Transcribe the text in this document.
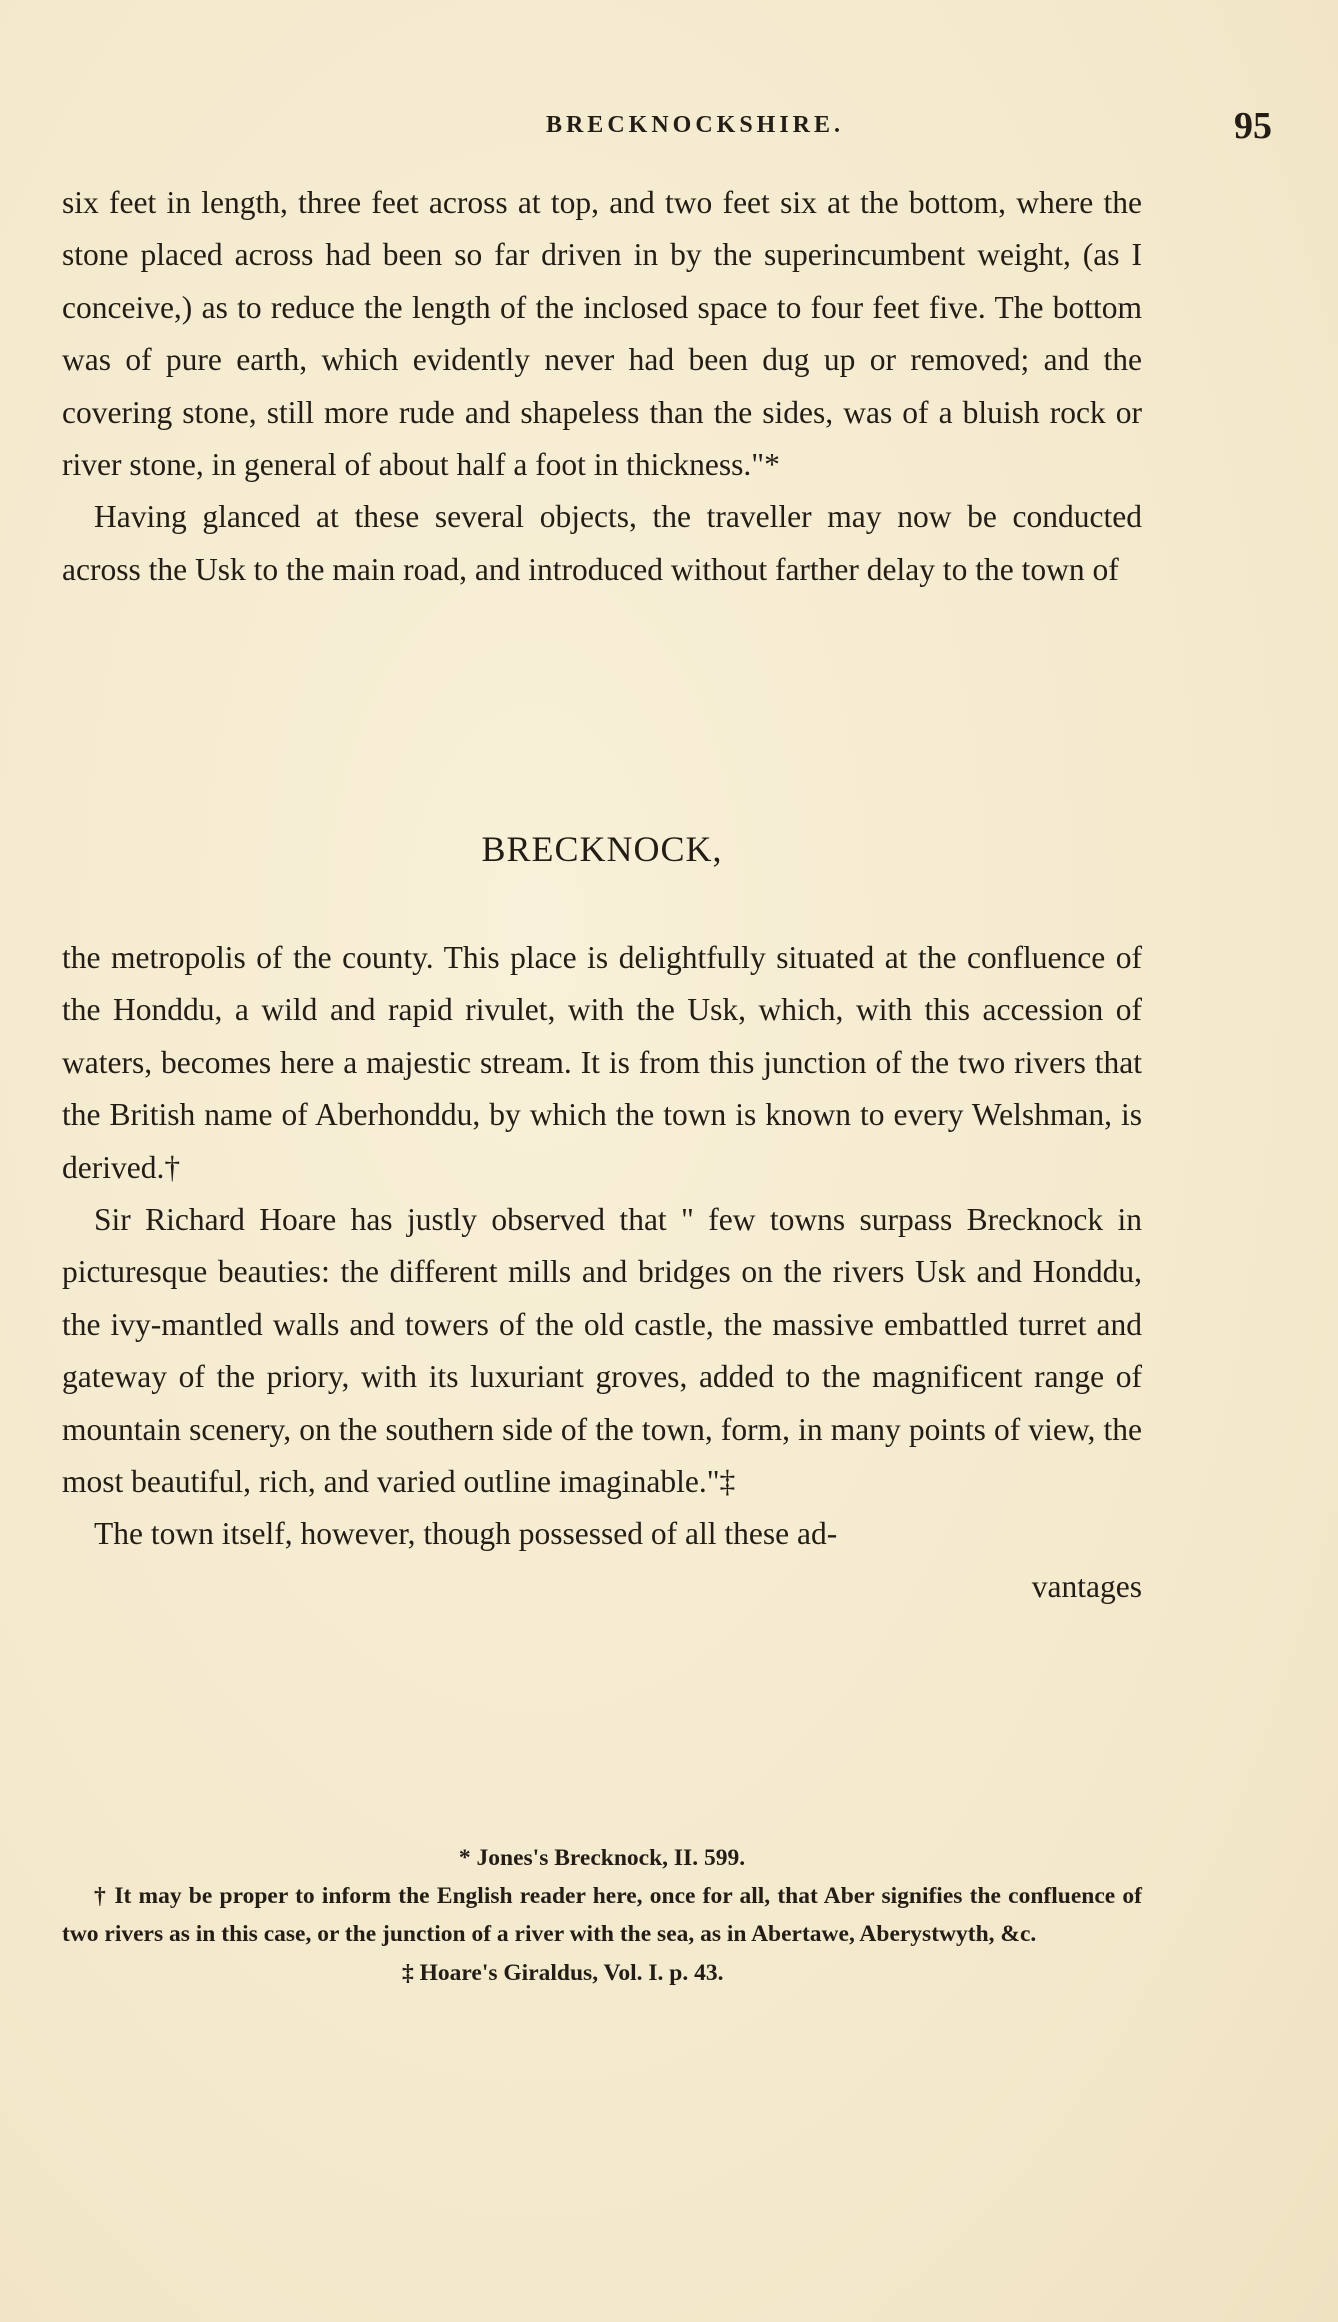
BRECKNOCKSHIRE.	95

six feet in length, three feet across at top, and two feet six at the bottom, where the stone placed across had been so far driven in by the superincumbent weight, (as I conceive,) as to reduce the length of the inclosed space to four feet five. The bottom was of pure earth, which evidently never had been dug up or removed; and the covering stone, still more rude and shapeless than the sides, was of a bluish rock or river stone, in general of about half a foot in thickness."*

Having glanced at these several objects, the traveller may now be conducted across the Usk to the main road, and introduced without farther delay to the town of

BRECKNOCK,

the metropolis of the county. This place is delightfully situated at the confluence of the Honddu, a wild and rapid rivulet, with the Usk, which, with this accession of waters, becomes here a majestic stream. It is from this junction of the two rivers that the British name of Aberhonddu, by which the town is known to every Welshman, is derived.†

Sir Richard Hoare has justly observed that " few towns surpass Brecknock in picturesque beauties: the different mills and bridges on the rivers Usk and Honddu, the ivy-mantled walls and towers of the old castle, the massive embattled turret and gateway of the priory, with its luxuriant groves, added to the magnificent range of mountain scenery, on the southern side of the town, form, in many points of view, the most beautiful, rich, and varied outline imaginable."‡

The town itself, however, though possessed of all these ad-

vantages

* Jones's Brecknock, II. 599.

† It may be proper to inform the English reader here, once for all, that Aber signifies the confluence of two rivers as in this case, or the junction of a river with the sea, as in Abertawe, Aberystwyth, &c.

‡ Hoare's Giraldus, Vol. I. p. 43.
